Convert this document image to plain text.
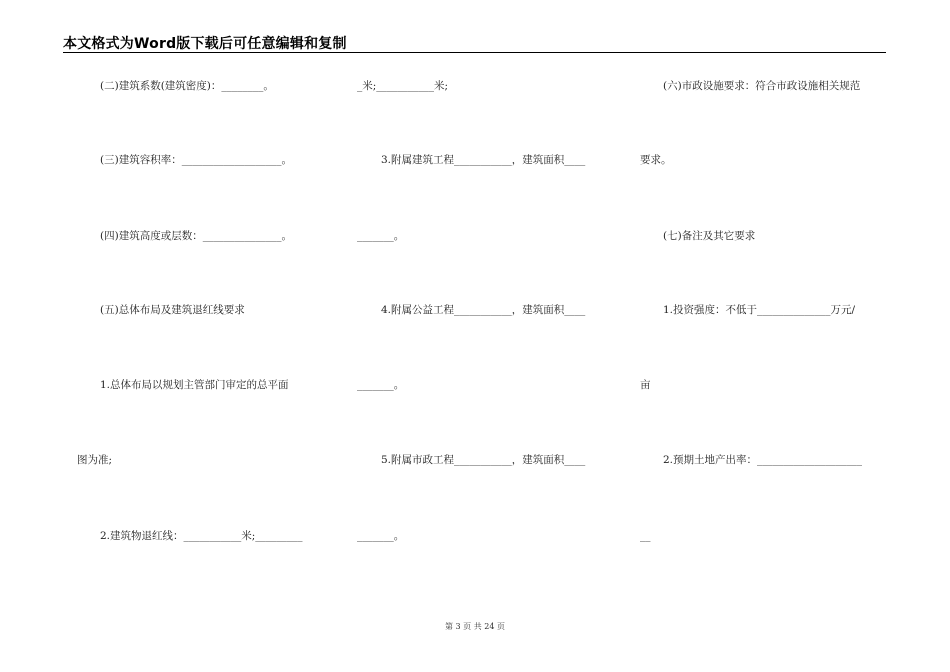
本文格式为Word版下载后可任意编辑和复制
(二)建筑系数(建筑密度)：________。
(三)建筑容积率：___________________。
(四)建筑高度或层数：_______________。
(五)总体布局及建筑退红线要求
1.总体布局以规划主管部门审定的总平面
图为准;
2.建筑物退红线：___________米;_________
_米;___________米;
3.附属建筑工程___________，建筑面积____
_______。
4.附属公益工程___________，建筑面积____
_______。
5.附属市政工程___________，建筑面积____
_______。
(六)市政设施要求：符合市政设施相关规范
要求。
(七)备注及其它要求
1.投资强度：不低于______________万元/
亩
2.预期土地产出率：____________________
__
第 3 页 共 24 页
